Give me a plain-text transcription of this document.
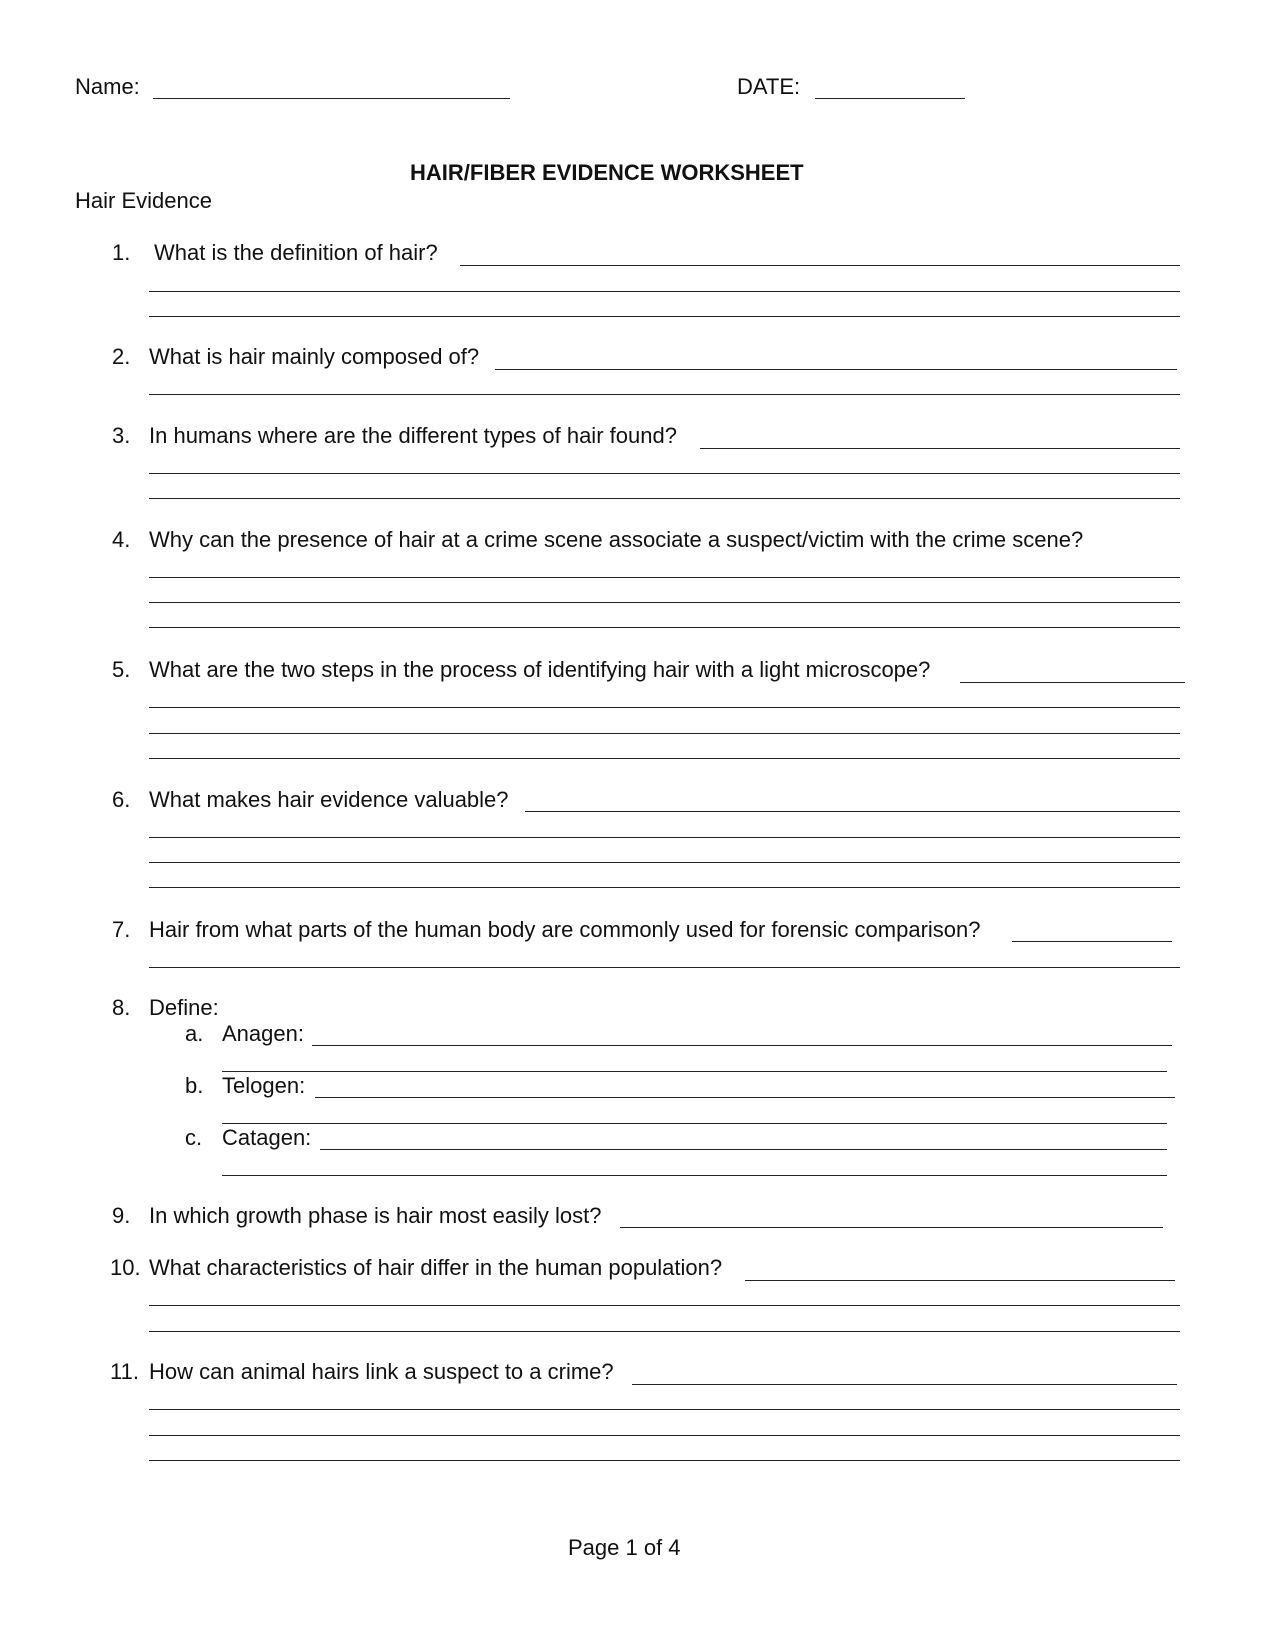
Name:	DATE:
HAIR/FIBER EVIDENCE WORKSHEET
Hair Evidence
1. What is the definition of hair?
2. What is hair mainly composed of?
3. In humans where are the different types of hair found?
4. Why can the presence of hair at a crime scene associate a suspect/victim with the crime scene?
5. What are the two steps in the process of identifying hair with a light microscope?
6. What makes hair evidence valuable?
7. Hair from what parts of the human body are commonly used for forensic comparison?
8. Define:
a. Anagen:
b. Telogen:
c. Catagen:
9. In which growth phase is hair most easily lost?
10. What characteristics of hair differ in the human population?
11. How can animal hairs link a suspect to a crime?
Page 1 of 4
